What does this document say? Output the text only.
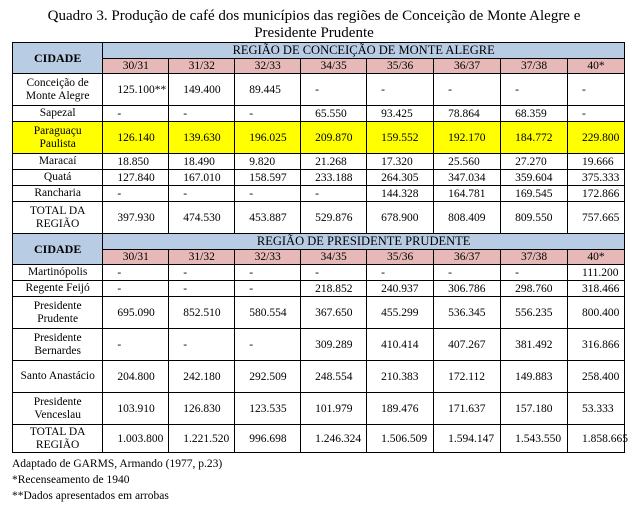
Quadro 3. Produção de café dos municípios das regiões de Conceição de Monte Alegre e
Presidente Prudente
CIDADE	REGIÃO DE CONCEIÇÃO DE MONTE ALEGRE							
	30/31	31/32	32/33	34/35	35/36	36/37	37/38	40*
Conceição de Monte Alegre	125.100**	149.400	89.445	-	-	-	-	-
Sapezal	-	-	-	65.550	93.425	78.864	68.359	-
Paraguaçu Paulista	126.140	139.630	196.025	209.870	159.552	192.170	184.772	229.800
Maracaí	18.850	18.490	9.820	21.268	17.320	25.560	27.270	19.666
Quatá	127.840	167.010	158.597	233.188	264.305	347.034	359.604	375.333
Rancharia	-	-	-	-	144.328	164.781	169.545	172.866
TOTAL DA REGIÃO	397.930	474.530	453.887	529.876	678.900	808.409	809.550	757.665
CIDADE	REGIÃO DE PRESIDENTE PRUDENTE							
	30/31	31/32	32/33	34/35	35/36	36/37	37/38	40*
Martinópolis	-	-	-	-	-	-	-	111.200
Regente Feijó	-	-	-	218.852	240.937	306.786	298.760	318.466
Presidente Prudente	695.090	852.510	580.554	367.650	455.299	536.345	556.235	800.400
Presidente Bernardes	-	-	-	309.289	410.414	407.267	381.492	316.866
Santo Anastácio	204.800	242.180	292.509	248.554	210.383	172.112	149.883	258.400
Presidente Venceslau	103.910	126.830	123.535	101.979	189.476	171.637	157.180	53.333
TOTAL DA REGIÃO	1.003.800	1.221.520	996.698	1.246.324	1.506.509	1.594.147	1.543.550	1.858.665
Adaptado de GARMS, Armando (1977, p.23)
*Recenseamento de 1940
**Dados apresentados em arrobas
